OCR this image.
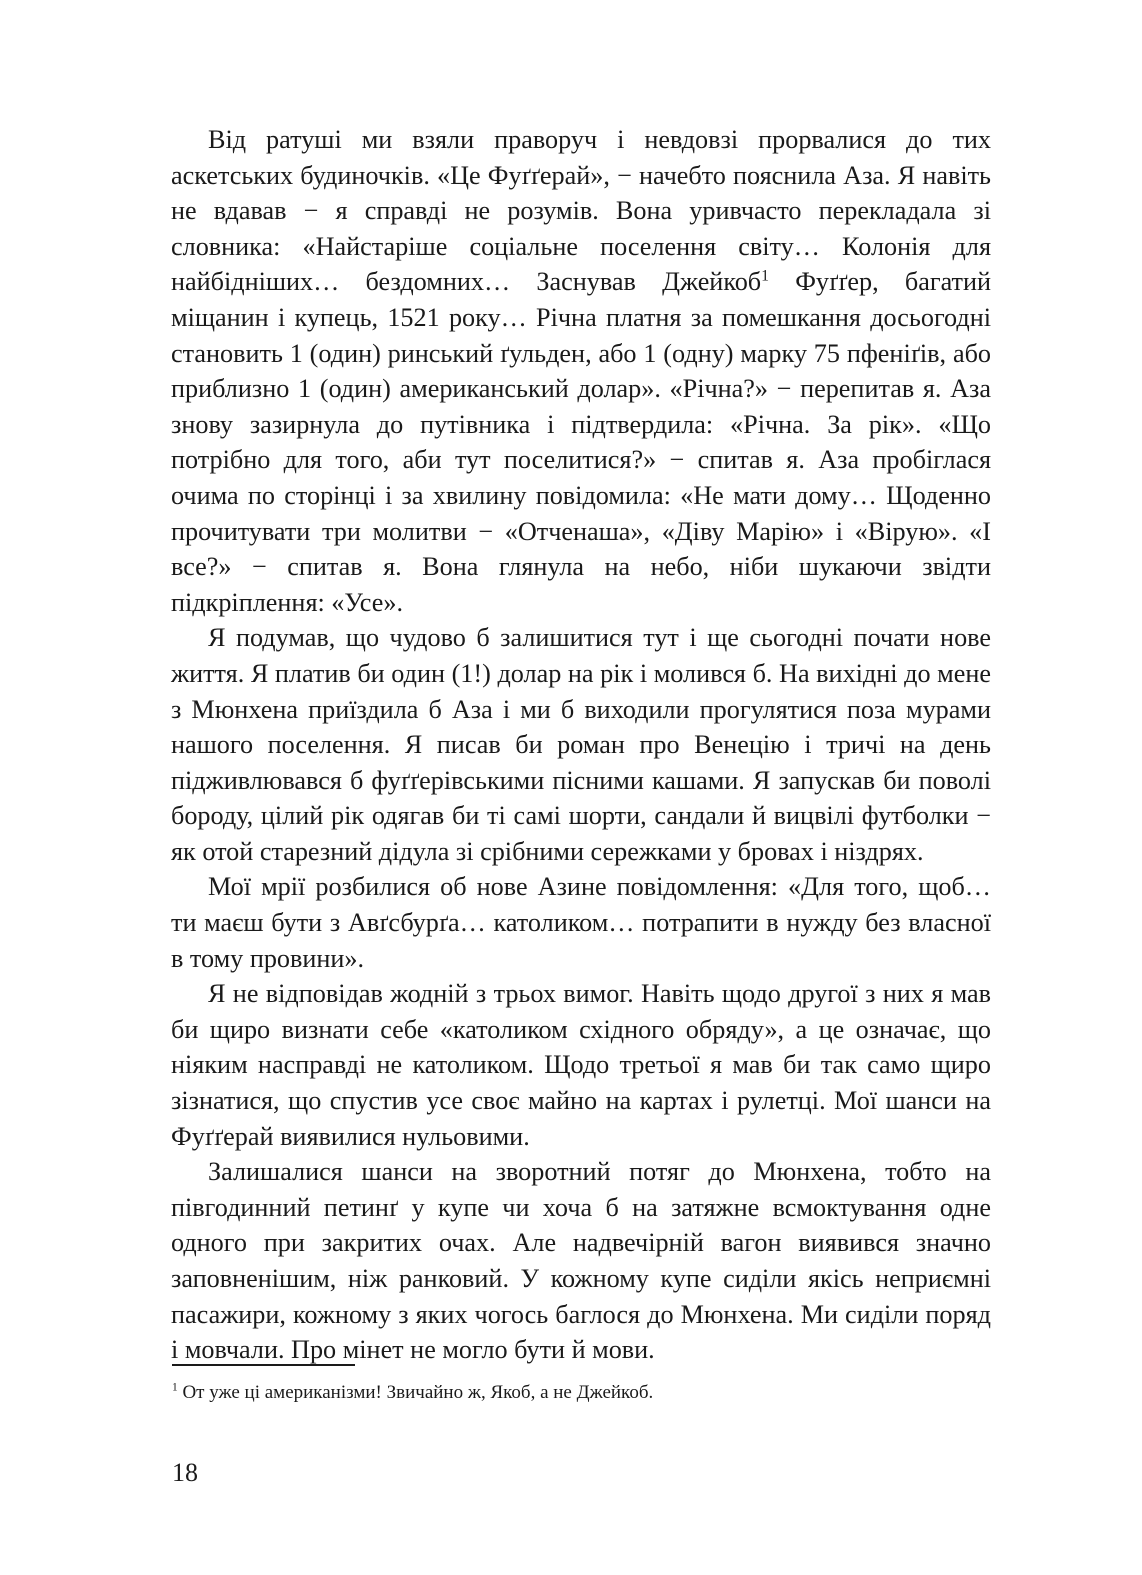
Від ратуші ми взяли праворуч і невдовзі прорвалися до тих аскетських будиночків. «Це Фуґґерай», − начебто пояснила Аза. Я навіть не вдавав − я справді не розумів. Вона уривчасто перекладала зі словника: «Найстаріше соціальне поселення світу… Колонія для найбідніших… бездомних… Заснував Джейкоб$^1$ Фуґґер, багатий міщанин і купець, 1521 року… Річна платня за помешкання досьогодні становить 1 (один) ринський ґульден, або 1 (одну) марку 75 пфеніґів, або приблизно 1 (один) американський долар». «Річна?» − перепитав я. Аза знову зазирнула до путівника і підтвердила: «Річна. За рік». «Що потрібно для того, аби тут поселитися?» − спитав я. Аза пробіглася очима по сторінці і за хвилину повідомила: «Не мати дому… Щоденно прочитувати три молитви − «Отченаша», «Діву Марію» і «Вірую». «І все?» − спитав я. Вона глянула на небо, ніби шукаючи звідти підкріплення: «Усе».

Я подумав, що чудово б залишитися тут і ще сьогодні почати нове життя. Я платив би один (1!) долар на рік і молився б. На вихідні до мене з Мюнхена приїздила б Аза і ми б виходили прогулятися поза мурами нашого поселення. Я писав би роман про Венецію і тричі на день підживлювався б фуґґерівськими пісними кашами. Я запускав би поволі бороду, цілий рік одягав би ті самі шорти, сандали й вицвілі футболки − як отой старезний дідула зі срібними сережками у бровах і ніздрях.

Мої мрії розбилися об нове Азине повідомлення: «Для того, щоб… ти маєш бути з Авґсбурґа… католиком… потрапити в нужду без власної в тому провини».

Я не відповідав жодній з трьох вимог. Навіть щодо другої з них я мав би щиро визнати себе «католиком східного обряду», а це означає, що ніяким насправді не католиком. Щодо третьої я мав би так само щиро зізнатися, що спустив усе своє майно на картах і рулетці. Мої шанси на Фуґґерай виявилися нульовими.

Залишалися шанси на зворотний потяг до Мюнхена, тобто на півгодинний петинґ у купе чи хоча б на затяжне всмоктування одне одного при закритих очах. Але надвечірній вагон виявився значно заповненішим, ніж ранковий. У кожному купе сиділи якісь неприємні пасажири, кожному з яких чогось баглося до Мюнхена. Ми сиділи поряд і мовчали. Про мінет не могло бути й мови.

$^1$ От уже ці американізми! Звичайно ж, Якоб, а не Джейкоб.
18
